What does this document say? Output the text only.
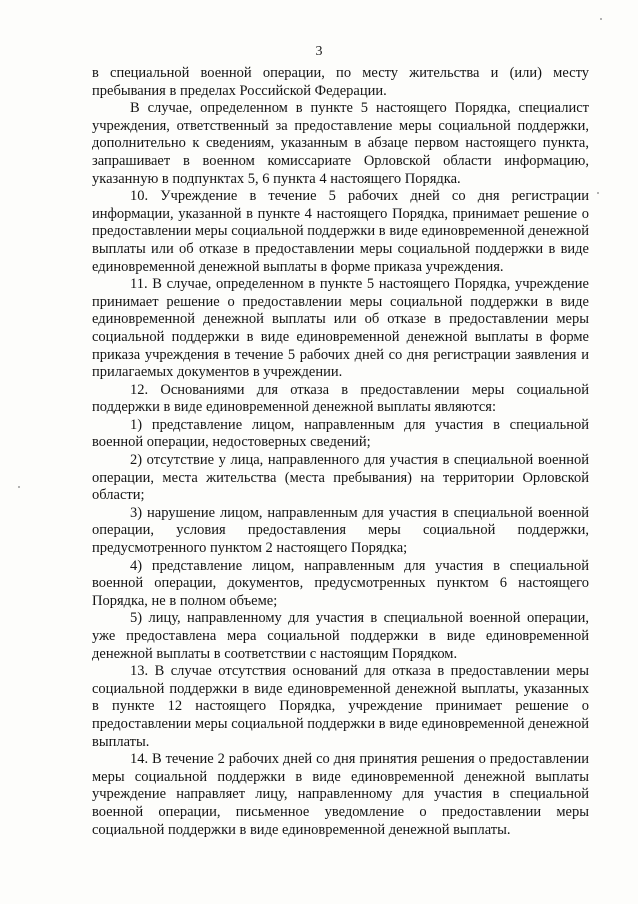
3

в специальной военной операции, по месту жительства и (или) месту пребывания в пределах Российской Федерации.

В случае, определенном в пункте 5 настоящего Порядка, специалист учреждения, ответственный за предоставление меры социальной поддержки, дополнительно к сведениям, указанным в абзаце первом настоящего пункта, запрашивает в военном комиссариате Орловской области информацию, указанную в подпунктах 5, 6 пункта 4 настоящего Порядка.

10. Учреждение в течение 5 рабочих дней со дня регистрации информации, указанной в пункте 4 настоящего Порядка, принимает решение о предоставлении меры социальной поддержки в виде единовременной денежной выплаты или об отказе в предоставлении меры социальной поддержки в виде единовременной денежной выплаты в форме приказа учреждения.

11. В случае, определенном в пункте 5 настоящего Порядка, учреждение принимает решение о предоставлении меры социальной поддержки в виде единовременной денежной выплаты или об отказе в предоставлении меры социальной поддержки в виде единовременной денежной выплаты в форме приказа учреждения в течение 5 рабочих дней со дня регистрации заявления и прилагаемых документов в учреждении.

12. Основаниями для отказа в предоставлении меры социальной поддержки в виде единовременной денежной выплаты являются:

1) представление лицом, направленным для участия в специальной военной операции, недостоверных сведений;

2) отсутствие у лица, направленного для участия в специальной военной операции, места жительства (места пребывания) на территории Орловской области;

3) нарушение лицом, направленным для участия в специальной военной операции, условия предоставления меры социальной поддержки, предусмотренного пунктом 2 настоящего Порядка;

4) представление лицом, направленным для участия в специальной военной операции, документов, предусмотренных пунктом 6 настоящего Порядка, не в полном объеме;

5) лицу, направленному для участия в специальной военной операции, уже предоставлена мера социальной поддержки в виде единовременной денежной выплаты в соответствии с настоящим Порядком.

13. В случае отсутствия оснований для отказа в предоставлении меры социальной поддержки в виде единовременной денежной выплаты, указанных в пункте 12 настоящего Порядка, учреждение принимает решение о предоставлении меры социальной поддержки в виде единовременной денежной выплаты.

14. В течение 2 рабочих дней со дня принятия решения о предоставлении меры социальной поддержки в виде единовременной денежной выплаты учреждение направляет лицу, направленному для участия в специальной военной операции, письменное уведомление о предоставлении меры социальной поддержки в виде единовременной денежной выплаты.
